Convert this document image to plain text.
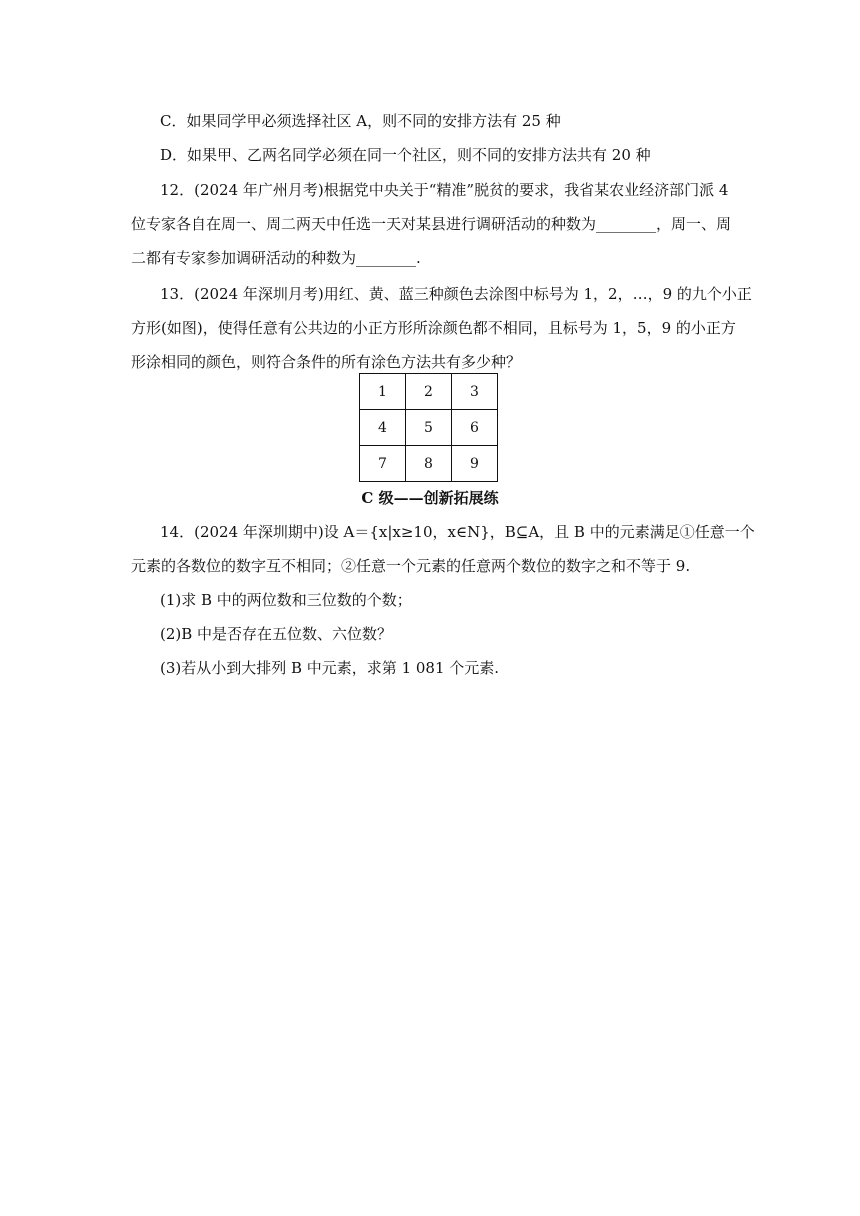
C．如果同学甲必须选择社区 A，则不同的安排方法有 25 种
D．如果甲、乙两名同学必须在同一个社区，则不同的安排方法共有 20 种
12．(2024 年广州月考)根据党中央关于“精准”脱贫的要求，我省某农业经济部门派 4
位专家各自在周一、周二两天中任选一天对某县进行调研活动的种数为________，周一、周
二都有专家参加调研活动的种数为________.
13．(2024 年深圳月考)用红、黄、蓝三种颜色去涂图中标号为 1，2，…，9 的九个小正
方形(如图)，使得任意有公共边的小正方形所涂颜色都不相同，且标号为 1，5，9 的小正方
形涂相同的颜色，则符合条件的所有涂色方法共有多少种？
1	2	3
4	5	6
7	8	9
C 级——创新拓展练
14．(2024 年深圳期中)设 A＝{x|x≥10，x∈N}，B⊆A，且 B 中的元素满足①任意一个
元素的各数位的数字互不相同；②任意一个元素的任意两个数位的数字之和不等于 9.
(1)求 B 中的两位数和三位数的个数；
(2)B 中是否存在五位数、六位数？
(3)若从小到大排列 B 中元素，求第 1 081 个元素.
